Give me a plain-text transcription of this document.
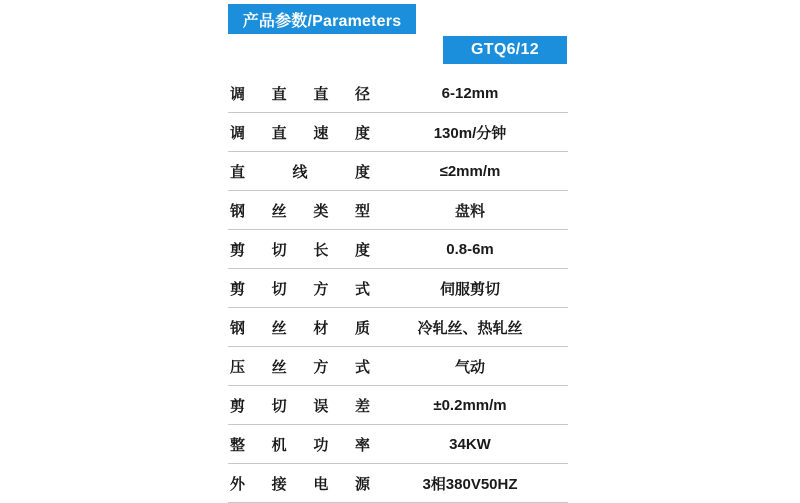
产品参数/Parameters
GTQ6/12
调直直径	6-12mm
调直速度	130m/分钟
直线度	≤2mm/m
钢丝类型	盘料
剪切长度	0.8-6m
剪切方式	伺服剪切
钢丝材质	冷轧丝、热轧丝
压丝方式	气动
剪切误差	±0.2mm/m
整机功率	34KW
外接电源	3相380V50HZ
